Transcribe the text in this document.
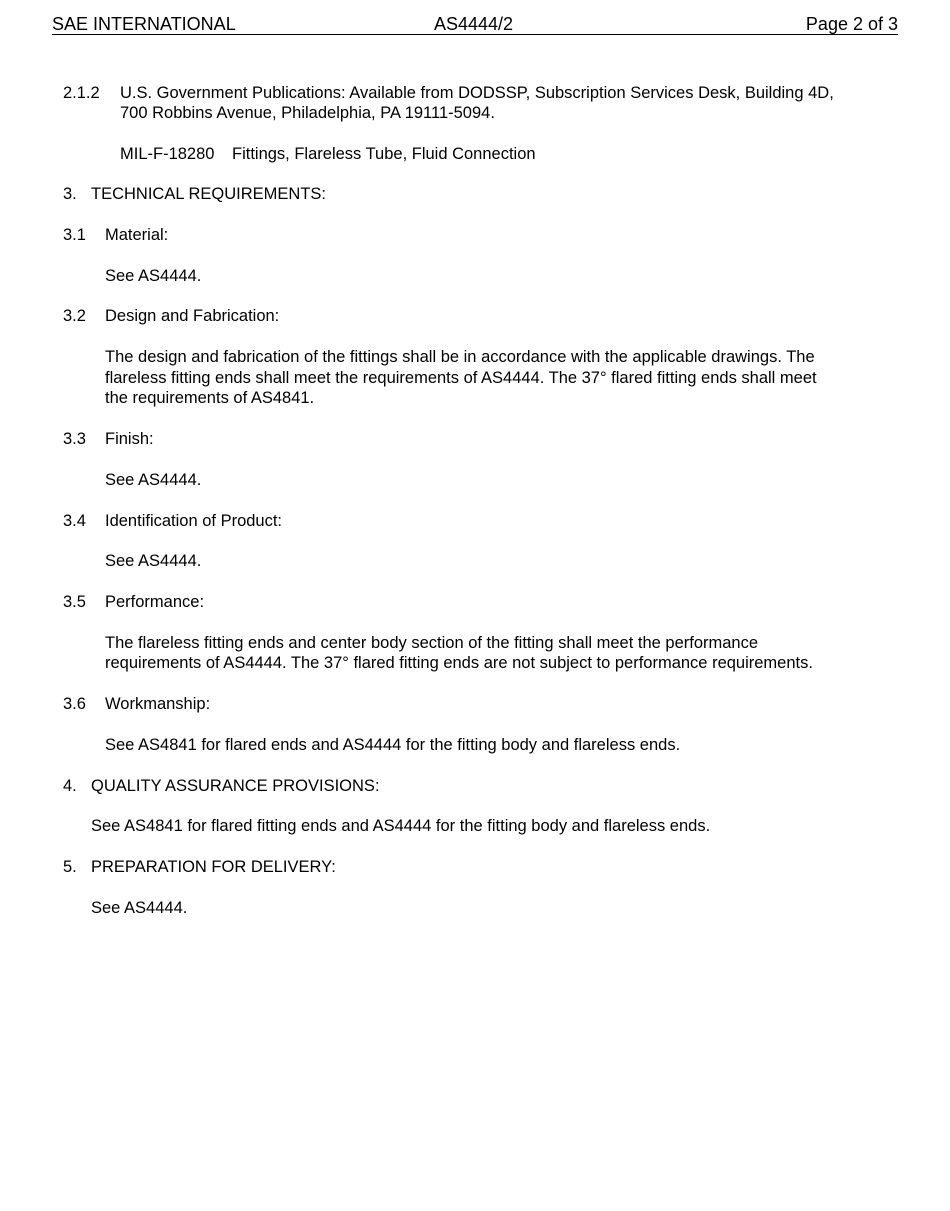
SAE INTERNATIONAL	AS4444/2	Page 2 of 3
2.1.2 U.S. Government Publications: Available from DODSSP, Subscription Services Desk, Building 4D,
700 Robbins Avenue, Philadelphia, PA 19111-5094.
MIL-F-18280 Fittings, Flareless Tube, Fluid Connection
3. TECHNICAL REQUIREMENTS:
3.1 Material:
See AS4444.
3.2 Design and Fabrication:
The design and fabrication of the fittings shall be in accordance with the applicable drawings. The
flareless fitting ends shall meet the requirements of AS4444. The 37° flared fitting ends shall meet
the requirements of AS4841.
3.3 Finish:
See AS4444.
3.4 Identification of Product:
See AS4444.
3.5 Performance:
The flareless fitting ends and center body section of the fitting shall meet the performance
requirements of AS4444. The 37° flared fitting ends are not subject to performance requirements.
3.6 Workmanship:
See AS4841 for flared ends and AS4444 for the fitting body and flareless ends.
4. QUALITY ASSURANCE PROVISIONS:
See AS4841 for flared fitting ends and AS4444 for the fitting body and flareless ends.
5. PREPARATION FOR DELIVERY:
See AS4444.
